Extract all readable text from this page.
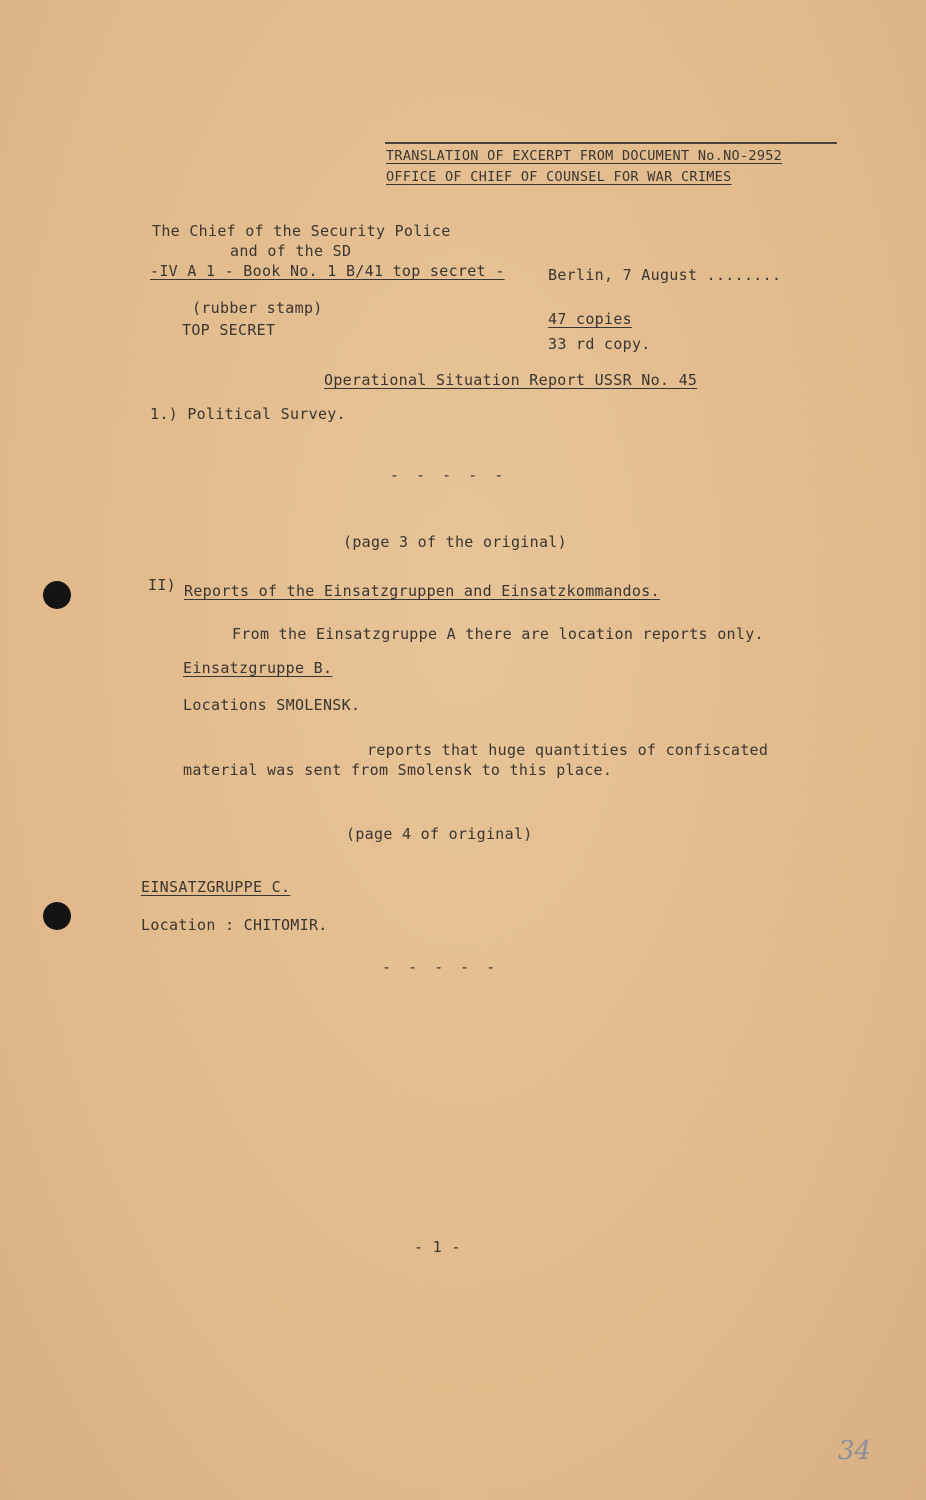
TRANSLATION OF EXCERPT FROM DOCUMENT No.NO-2952
OFFICE OF CHIEF OF COUNSEL FOR WAR CRIMES
The Chief of the Security Police
and of the SD
-IV A 1 - Book No. 1 B/41 top secret -	Berlin, 7 August ........
(rubber stamp)
TOP SECRET
47 copies
33 rd copy.
Operational Situation Report USSR No. 45
1.) Political Survey.
- - - - -
(page 3 of the original)
II) Reports of the Einsatzgruppen and Einsatzkommandos.
From the Einsatzgruppe A there are location reports only.
Einsatzgruppe B.
Locations SMOLENSK.
reports that huge quantities of confiscated
material was sent from Smolensk to this place.
(page 4 of original)
EINSATZGRUPPE C.
Location : CHITOMIR.
- - - - -
- 1 -
34
